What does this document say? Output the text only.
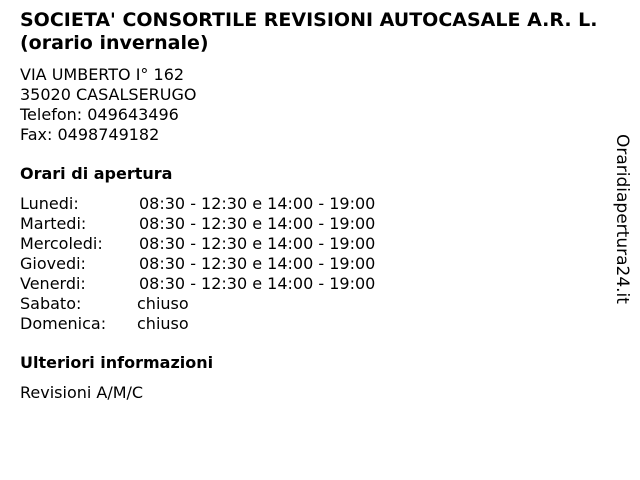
SOCIETA' CONSORTILE REVISIONI AUTOCASALE A.R. L. (orario invernale)
VIA UMBERTO I° 162
35020 CASALSERUGO
Telefon: 049643496
Fax: 0498749182
Orari di apertura
Lunedi:	08:30 - 12:30 e 14:00 - 19:00
Martedi:	08:30 - 12:30 e 14:00 - 19:00
Mercoledi:	08:30 - 12:30 e 14:00 - 19:00
Giovedi:	08:30 - 12:30 e 14:00 - 19:00
Venerdi:	08:30 - 12:30 e 14:00 - 19:00
Sabato:	chiuso
Domenica:	chiuso
Ulteriori informazioni
Revisioni A/M/C
Oraridiapertura24.it
